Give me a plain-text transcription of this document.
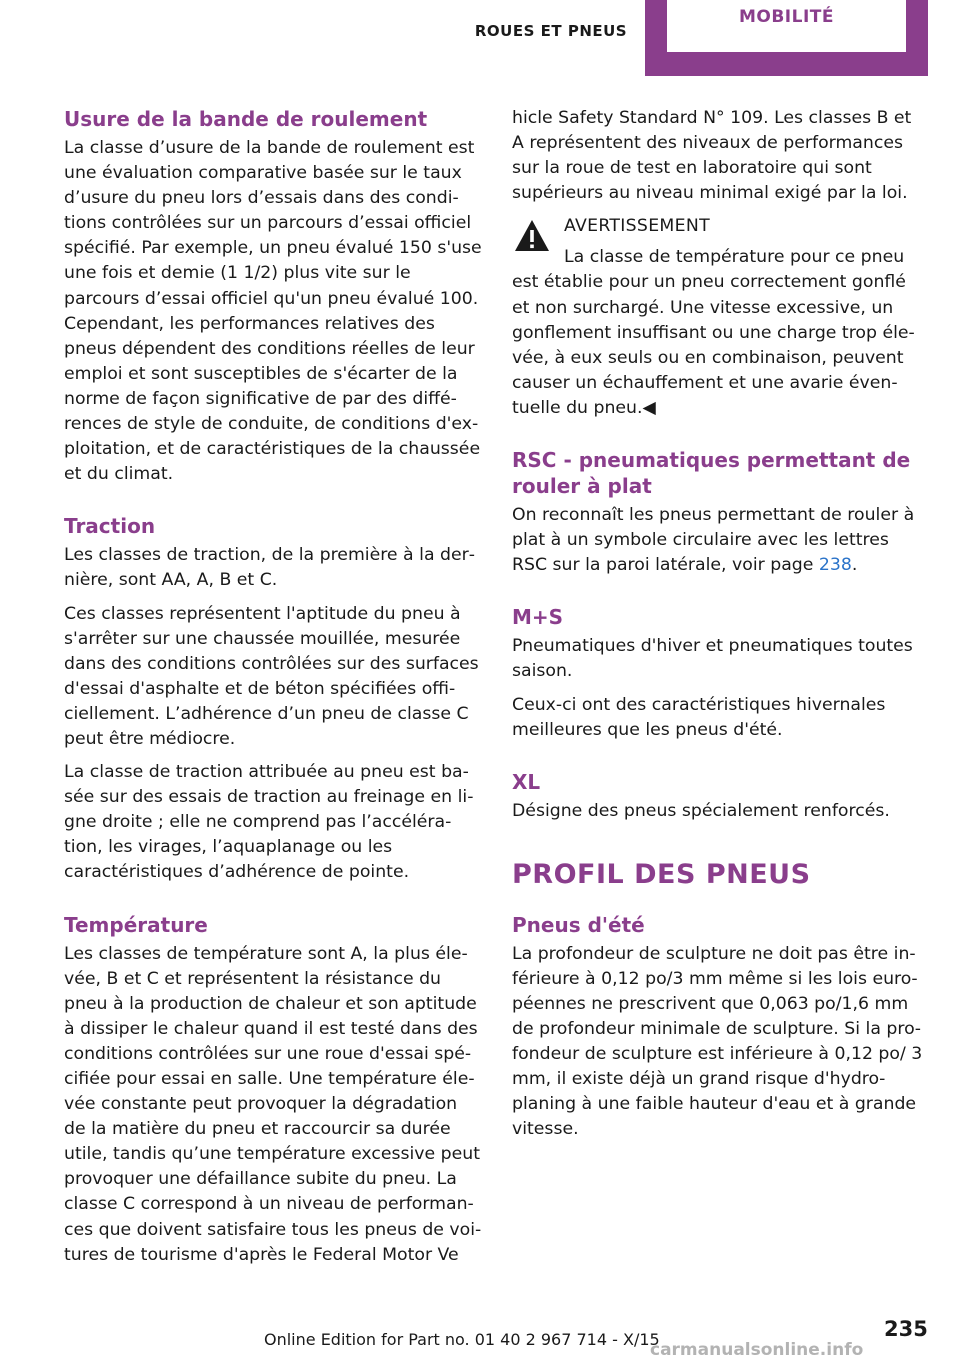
ROUES ET PNEUS
MOBILITÉ
Usure de la bande de roulement

La classe d’usure de la bande de roulement est une évaluation comparative basée sur le taux d’usure du pneu lors d’essais dans des conditions contrôlées sur un parcours d’essai officiel spécifié. Par exemple, un pneu évalué 150 s'use une fois et demie (1 1/2) plus vite sur le parcours d’essai officiel qu'un pneu évalué 100. Cependant, les performances relatives des pneus dépendent des conditions réelles de leur emploi et sont susceptibles de s'écarter de la norme de façon significative de par des différences de style de conduite, de conditions d'exploitation, et de caractéristiques de la chaussée et du climat.

Traction

Les classes de traction, de la première à la dernière, sont AA, A, B et C.

Ces classes représentent l'aptitude du pneu à s'arrêter sur une chaussée mouillée, mesurée dans des conditions contrôlées sur des surfaces d'essai d'asphalte et de béton spécifiées officiellement. L’adhérence d’un pneu de classe C peut être médiocre.

La classe de traction attribuée au pneu est basée sur des essais de traction au freinage en ligne droite ; elle ne comprend pas l’accélération, les virages, l’aquaplanage ou les caractéristiques d’adhérence de pointe.

Température

Les classes de température sont A, la plus élevée, B et C et représentent la résistance du pneu à la production de chaleur et son aptitude à dissiper le chaleur quand il est testé dans des conditions contrôlées sur une roue d'essai spécifiée pour essai en salle. Une température élevée constante peut provoquer la dégradation de la matière du pneu et raccourcir sa durée utile, tandis qu’une température excessive peut provoquer une défaillance subite du pneu. La classe C correspond à un niveau de performances que doivent satisfaire tous les pneus de voitures de tourisme d'après le Federal Motor Ve

hicle Safety Standard N° 109. Les classes B et A représentent des niveaux de performances sur la roue de test en laboratoire qui sont supérieurs au niveau minimal exigé par la loi.

AVERTISSEMENT

La classe de température pour ce pneu

est établie pour un pneu correctement gonflé et non surchargé. Une vitesse excessive, un gonflement insuffisant ou une charge trop élevée, à eux seuls ou en combinaison, peuvent causer un échauffement et une avarie éventuelle du pneu.◀

RSC - pneumatiques permettant de rouler à plat

On reconnaît les pneus permettant de rouler à plat à un symbole circulaire avec les lettres RSC sur la paroi latérale, voir page 238.

M+S

Pneumatiques d'hiver et pneumatiques toutes saison.

Ceux-ci ont des caractéristiques hivernales meilleures que les pneus d'été.

XL

Désigne des pneus spécialement renforcés.

PROFIL DES PNEUS
Pneus d'été

La profondeur de sculpture ne doit pas être inférieure à 0,12 po/3 mm même si les lois européennes ne prescrivent que 0,063 po/1,6 mm de profondeur minimale de sculpture. Si la profondeur de sculpture est inférieure à 0,12 po/ 3 mm, il existe déjà un grand risque d'hydroplaning à une faible hauteur d'eau et à grande vitesse.

235
Online Edition for Part no. 01 40 2 967 714 - X/15
carmanualsonline.info
